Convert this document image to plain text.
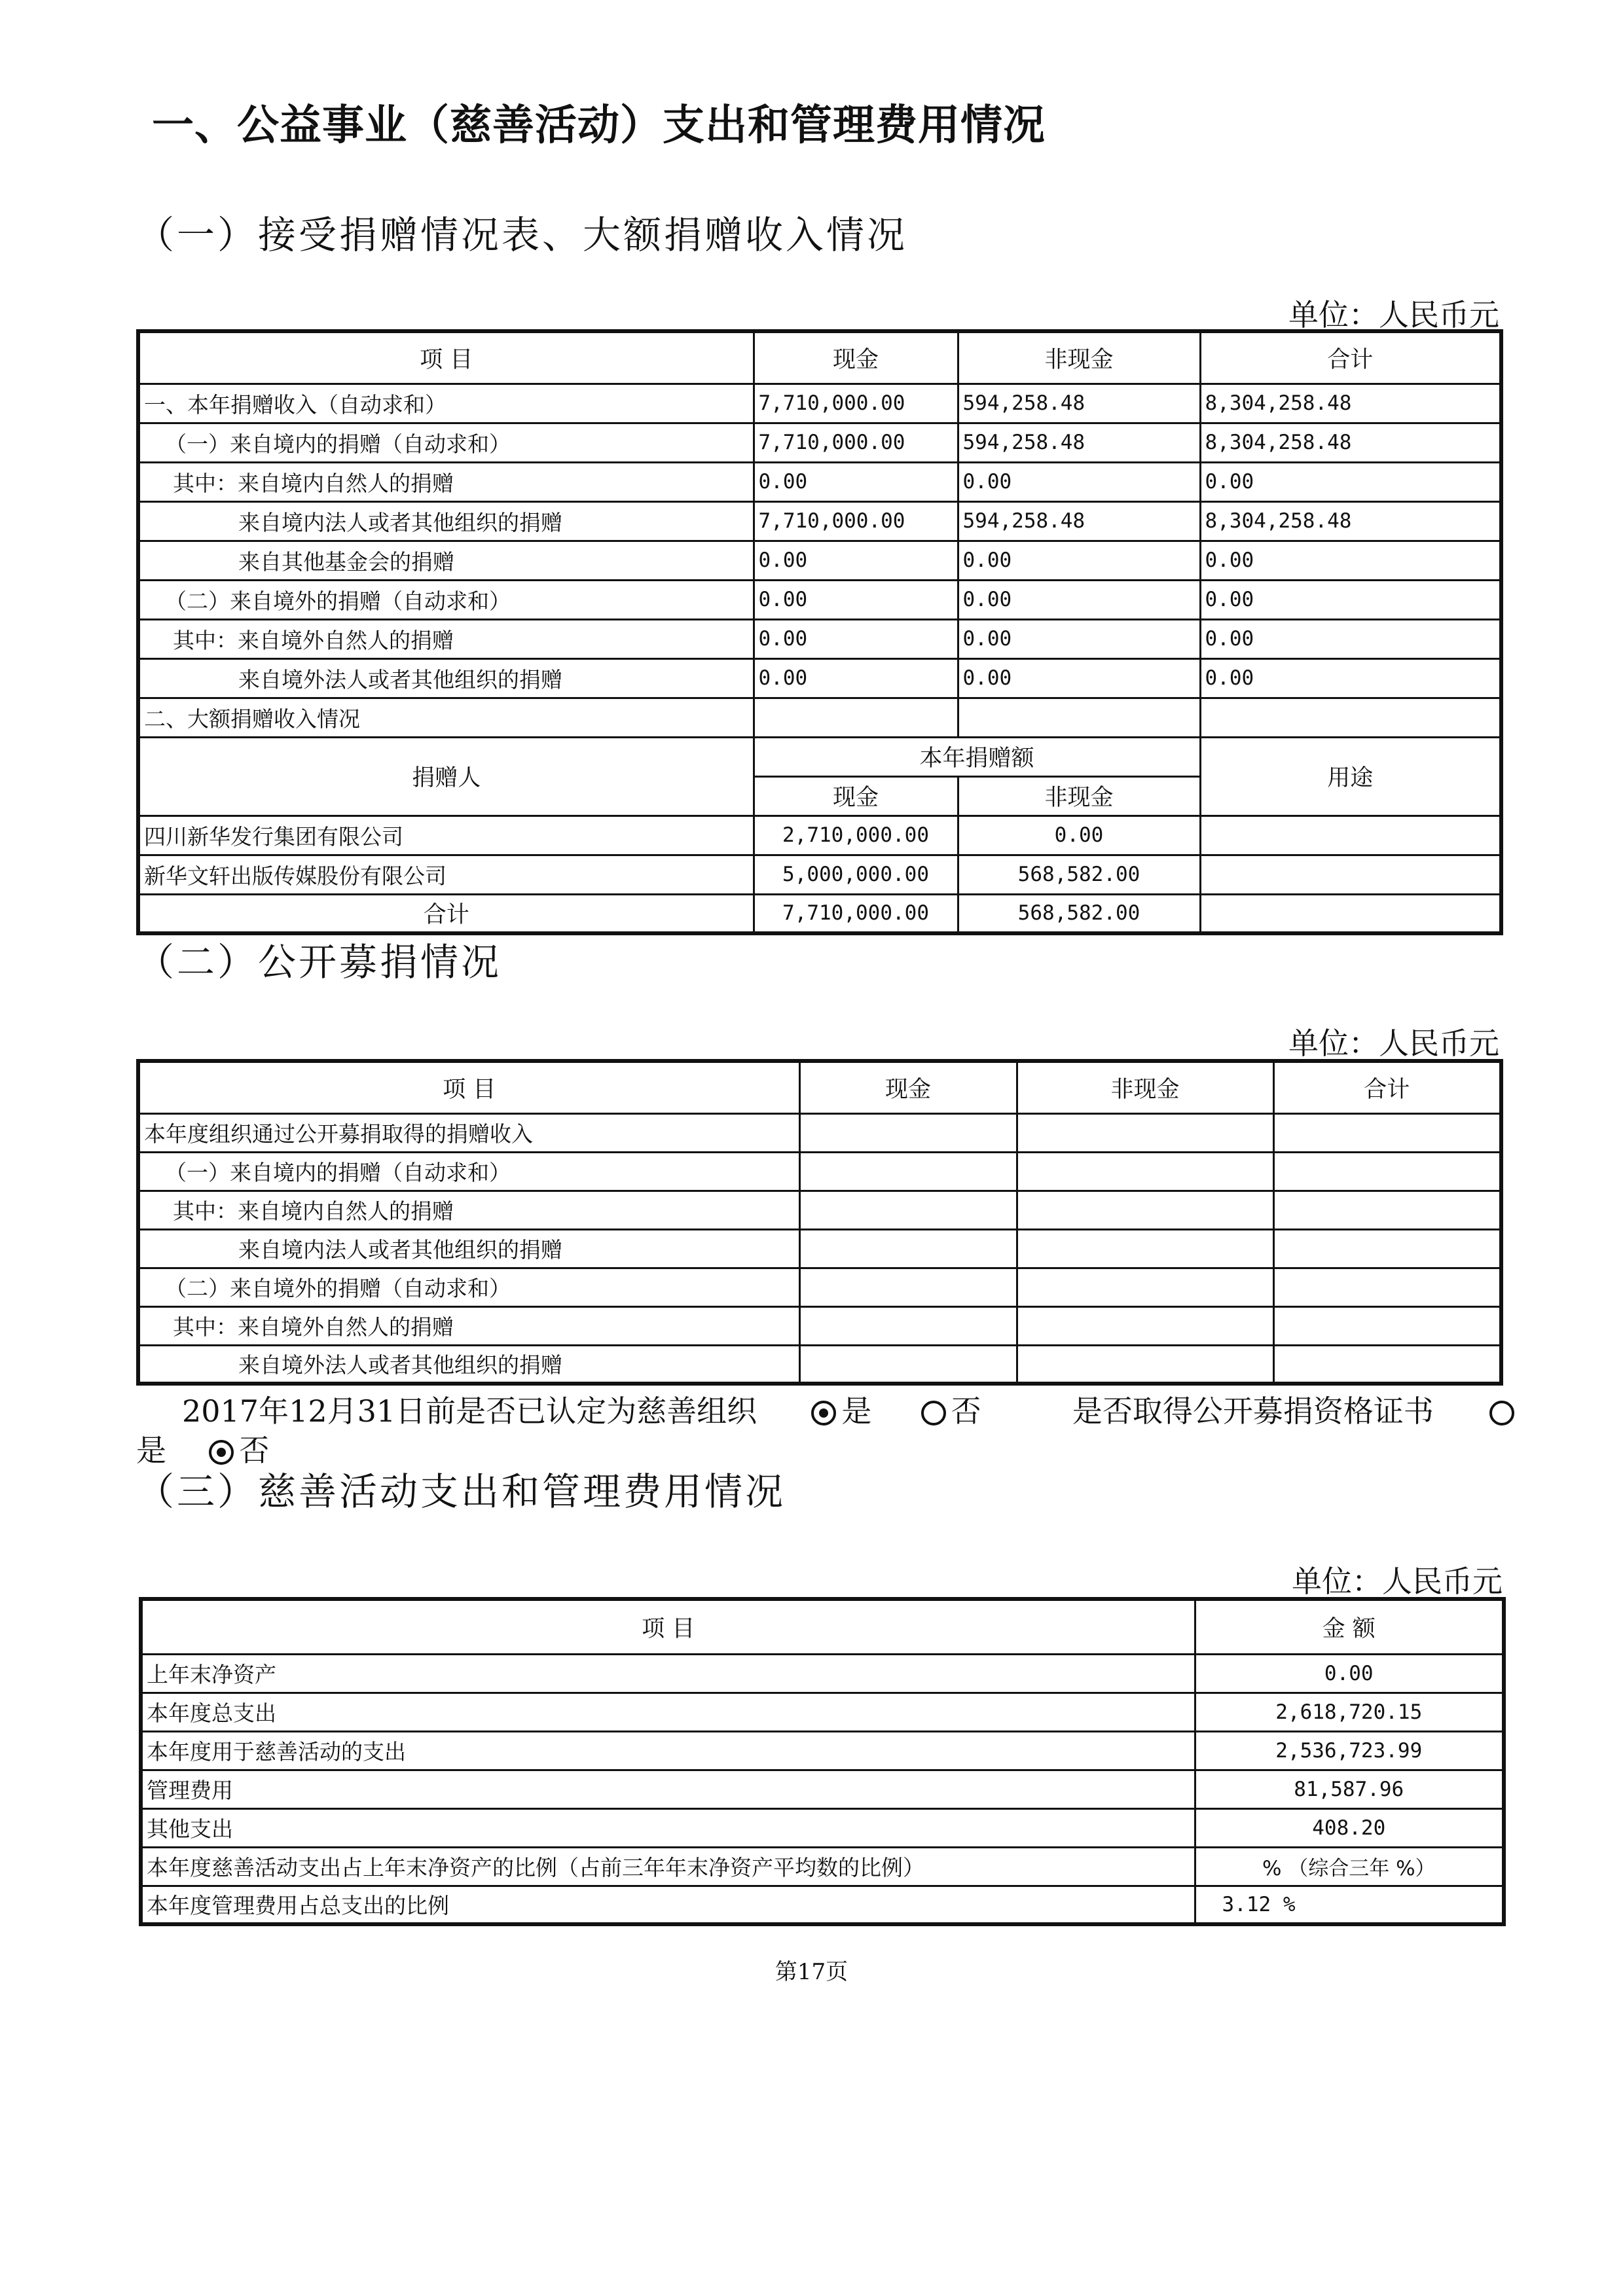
一、公益事业（慈善活动）支出和管理费用情况
（一）接受捐赠情况表、大额捐赠收入情况
单位：人民币元
项 目	现金	非现金	合计
一、本年捐赠收入（自动求和）	7,710,000.00	594,258.48	8,304,258.48
（一）来自境内的捐赠（自动求和）	7,710,000.00	594,258.48	8,304,258.48
其中：来自境内自然人的捐赠	0.00	0.00	0.00
来自境内法人或者其他组织的捐赠	7,710,000.00	594,258.48	8,304,258.48
来自其他基金会的捐赠	0.00	0.00	0.00
（二）来自境外的捐赠（自动求和）	0.00	0.00	0.00
其中：来自境外自然人的捐赠	0.00	0.00	0.00
来自境外法人或者其他组织的捐赠	0.00	0.00	0.00
二、大额捐赠收入情况			
捐赠人	本年捐赠额		用途
	现金	非现金	
四川新华发行集团有限公司	2,710,000.00	0.00	
新华文轩出版传媒股份有限公司	5,000,000.00	568,582.00	
合计	7,710,000.00	568,582.00	
（二）公开募捐情况
单位：人民币元
项 目	现金	非现金	合计
本年度组织通过公开募捐取得的捐赠收入			
（一）来自境内的捐赠（自动求和）			
其中：来自境内自然人的捐赠			
来自境内法人或者其他组织的捐赠			
（二）来自境外的捐赠（自动求和）			
其中：来自境外自然人的捐赠			
来自境外法人或者其他组织的捐赠			
2017年12月31日前是否已认定为慈善组织	是	否	是否取得公开募捐资格证书
是 否
（三）慈善活动支出和管理费用情况
单位：人民币元
项 目	金 额
上年末净资产	0.00
本年度总支出	2,618,720.15
本年度用于慈善活动的支出	2,536,723.99
管理费用	81,587.96
其他支出	408.20
本年度慈善活动支出占上年末净资产的比例（占前三年年末净资产平均数的比例）	% （综合三年 %）
本年度管理费用占总支出的比例	3.12 %
第17页
